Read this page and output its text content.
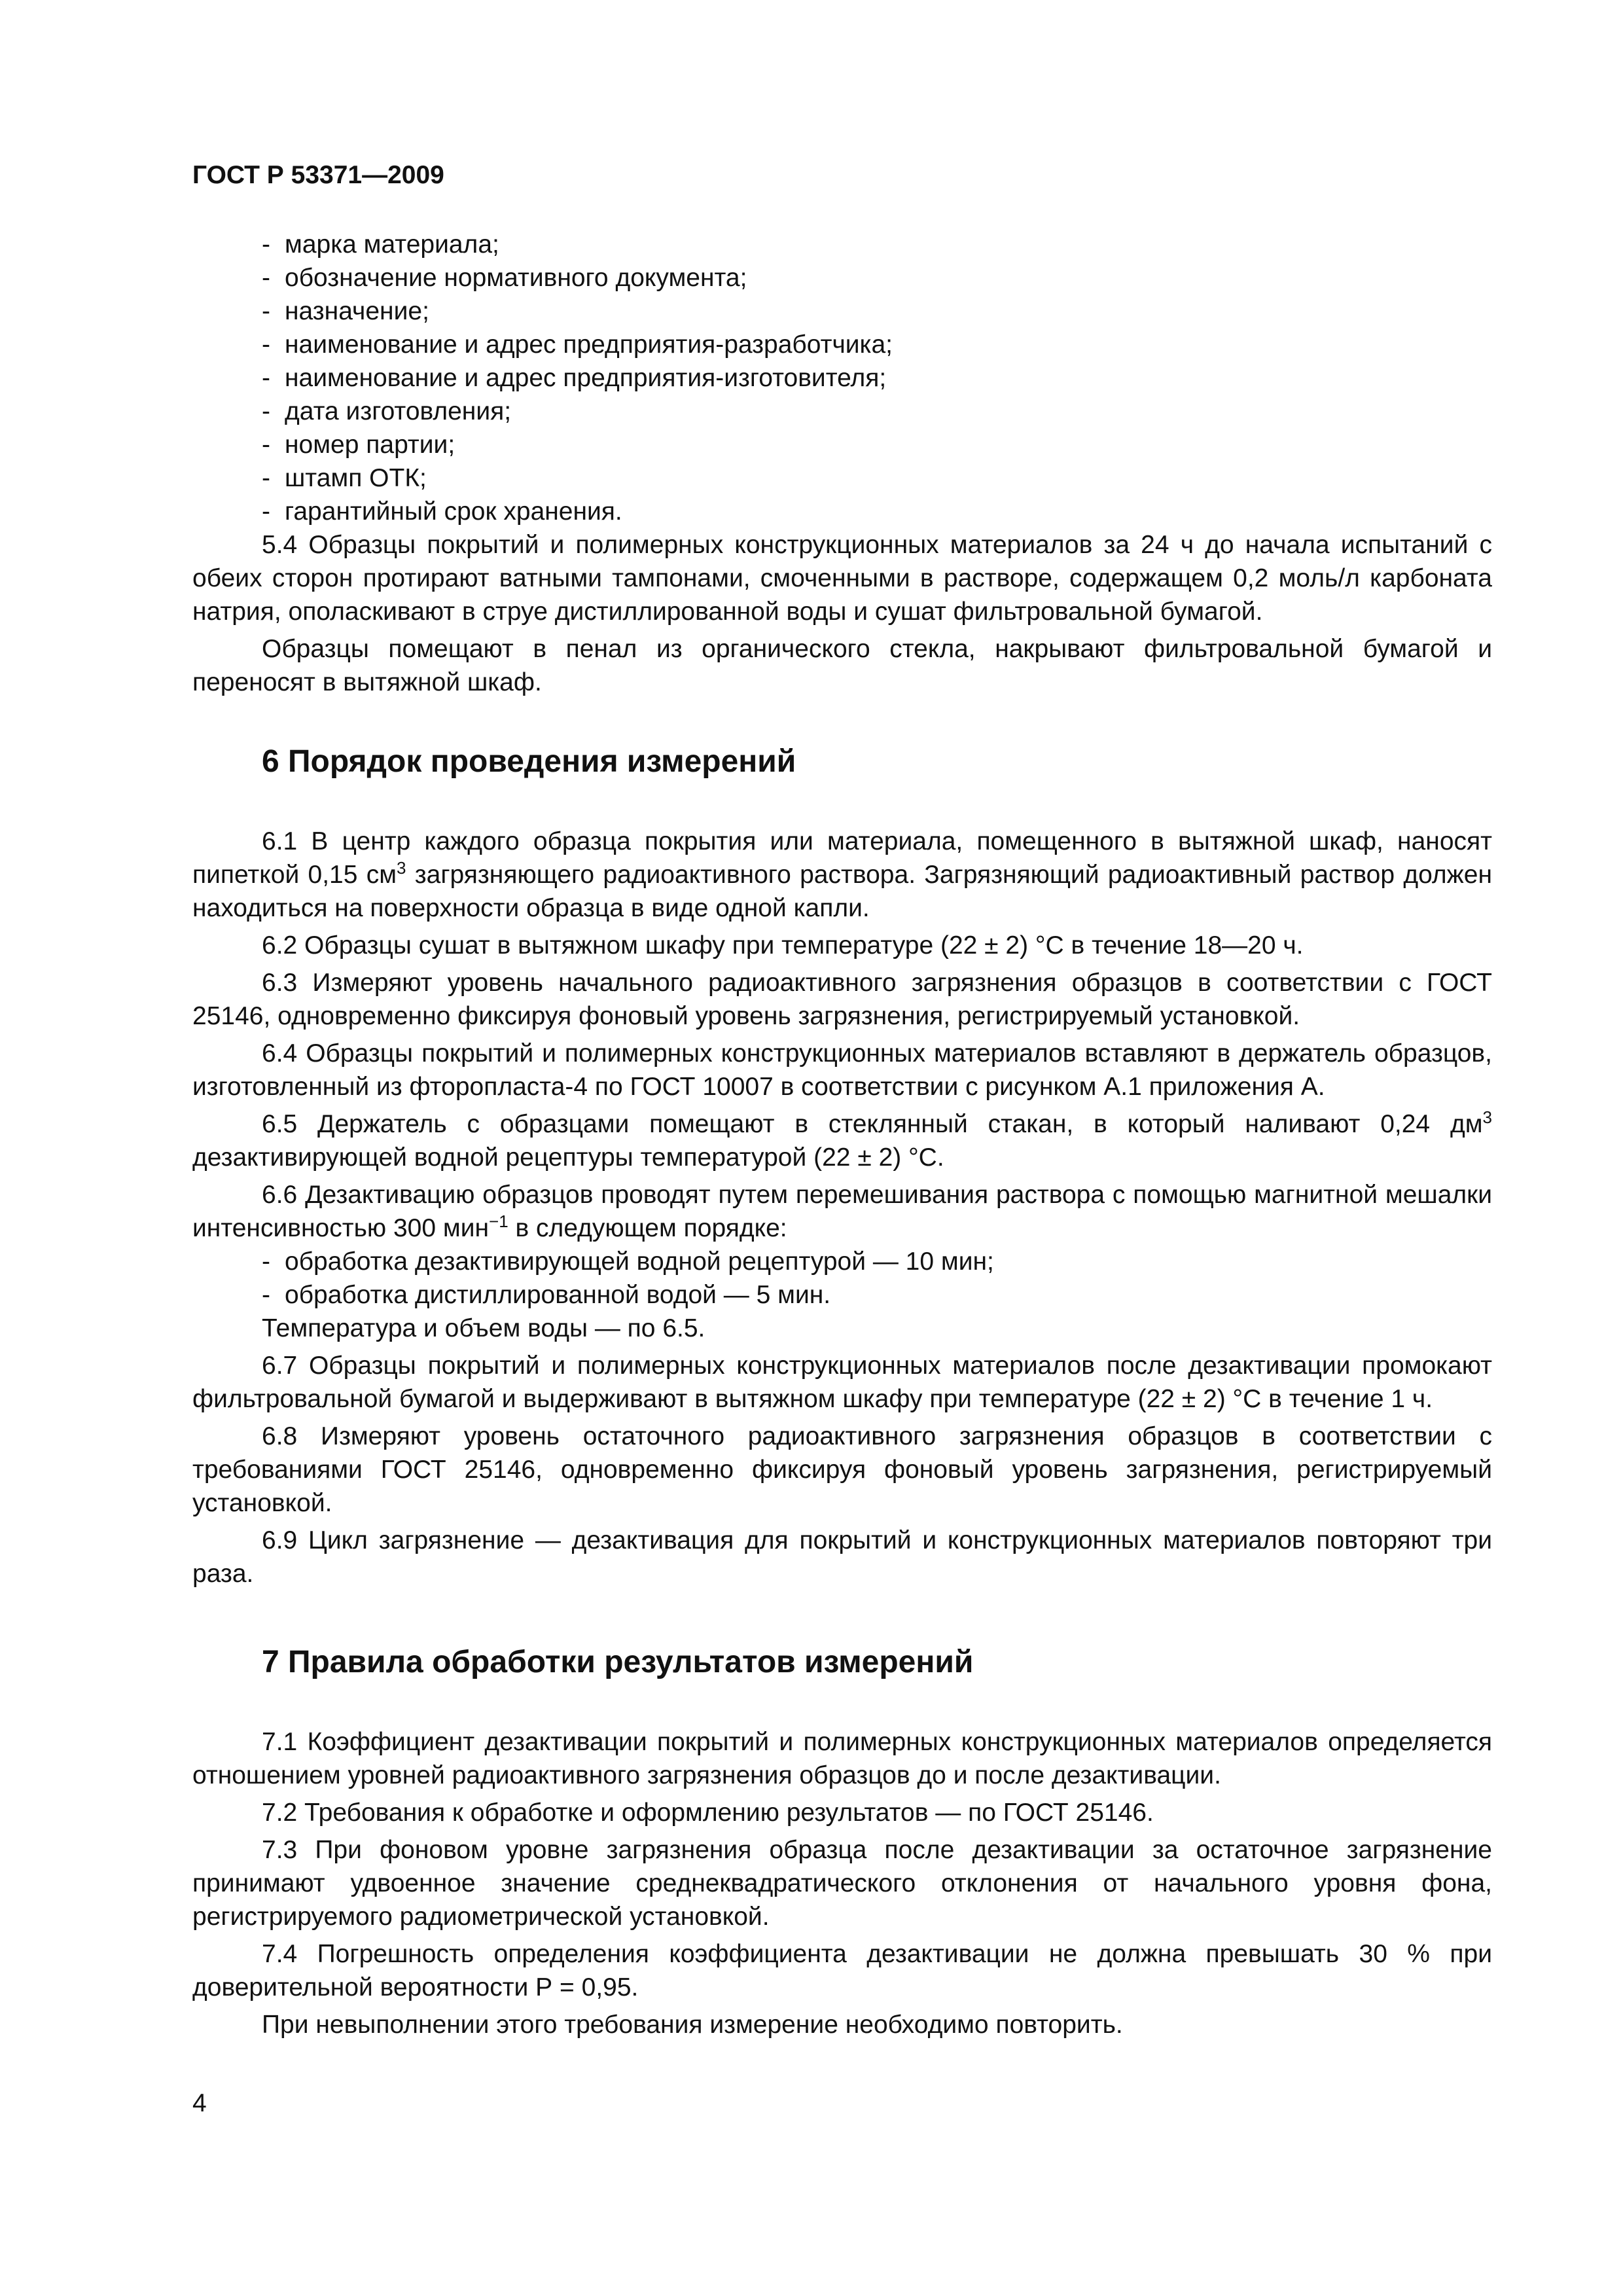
ГОСТ Р 53371—2009
- марка материала;
- обозначение нормативного документа;
- назначение;
- наименование и адрес предприятия-разработчика;
- наименование и адрес предприятия-изготовителя;
- дата изготовления;
- номер партии;
- штамп ОТК;
- гарантийный срок хранения.

5.4 Образцы покрытий и полимерных конструкционных материалов за 24 ч до начала испытаний с обеих сторон протирают ватными тампонами, смоченными в растворе, содержащем 0,2 моль/л карбоната натрия, ополаскивают в струе дистиллированной воды и сушат фильтровальной бумагой.

Образцы помещают в пенал из органического стекла, накрывают фильтровальной бумагой и переносят в вытяжной шкаф.

6 Порядок проведения измерений

6.1 В центр каждого образца покрытия или материала, помещенного в вытяжной шкаф, наносят пипеткой 0,15 $см^3$ загрязняющего радиоактивного раствора. Загрязняющий радиоактивный раствор должен находиться на поверхности образца в виде одной капли.

6.2 Образцы сушат в вытяжном шкафу при температуре (22 ± 2) °С в течение 18—20 ч.

6.3 Измеряют уровень начального радиоактивного загрязнения образцов в соответствии с ГОСТ 25146, одновременно фиксируя фоновый уровень загрязнения, регистрируемый установкой.

6.4 Образцы покрытий и полимерных конструкционных материалов вставляют в держатель образцов, изготовленный из фторопласта-4 по ГОСТ 10007 в соответствии с рисунком А.1 приложения А.

6.5 Держатель с образцами помещают в стеклянный стакан, в который наливают 0,24 $дм^3$ дезактивирующей водной рецептуры температурой (22 ± 2) °С.

6.6 Дезактивацию образцов проводят путем перемешивания раствора с помощью магнитной мешалки интенсивностью 300 мин$^{-1}$ в следующем порядке:

- обработка дезактивирующей водной рецептурой — 10 мин;
- обработка дистиллированной водой — 5 мин.

Температура и объем воды — по 6.5.

6.7 Образцы покрытий и полимерных конструкционных материалов после дезактивации промокают фильтровальной бумагой и выдерживают в вытяжном шкафу при температуре (22 ± 2) °С в течение 1 ч.

6.8 Измеряют уровень остаточного радиоактивного загрязнения образцов в соответствии с требованиями ГОСТ 25146, одновременно фиксируя фоновый уровень загрязнения, регистрируемый установкой.

6.9 Цикл загрязнение — дезактивация для покрытий и конструкционных материалов повторяют три раза.

7 Правила обработки результатов измерений

7.1 Коэффициент дезактивации покрытий и полимерных конструкционных материалов определяется отношением уровней радиоактивного загрязнения образцов до и после дезактивации.

7.2 Требования к обработке и оформлению результатов — по ГОСТ 25146.

7.3 При фоновом уровне загрязнения образца после дезактивации за остаточное загрязнение принимают удвоенное значение среднеквадратического отклонения от начального уровня фона, регистрируемого радиометрической установкой.

7.4 Погрешность определения коэффициента дезактивации не должна превышать 30 % при доверительной вероятности Р = 0,95.

При невыполнении этого требования измерение необходимо повторить.

4
